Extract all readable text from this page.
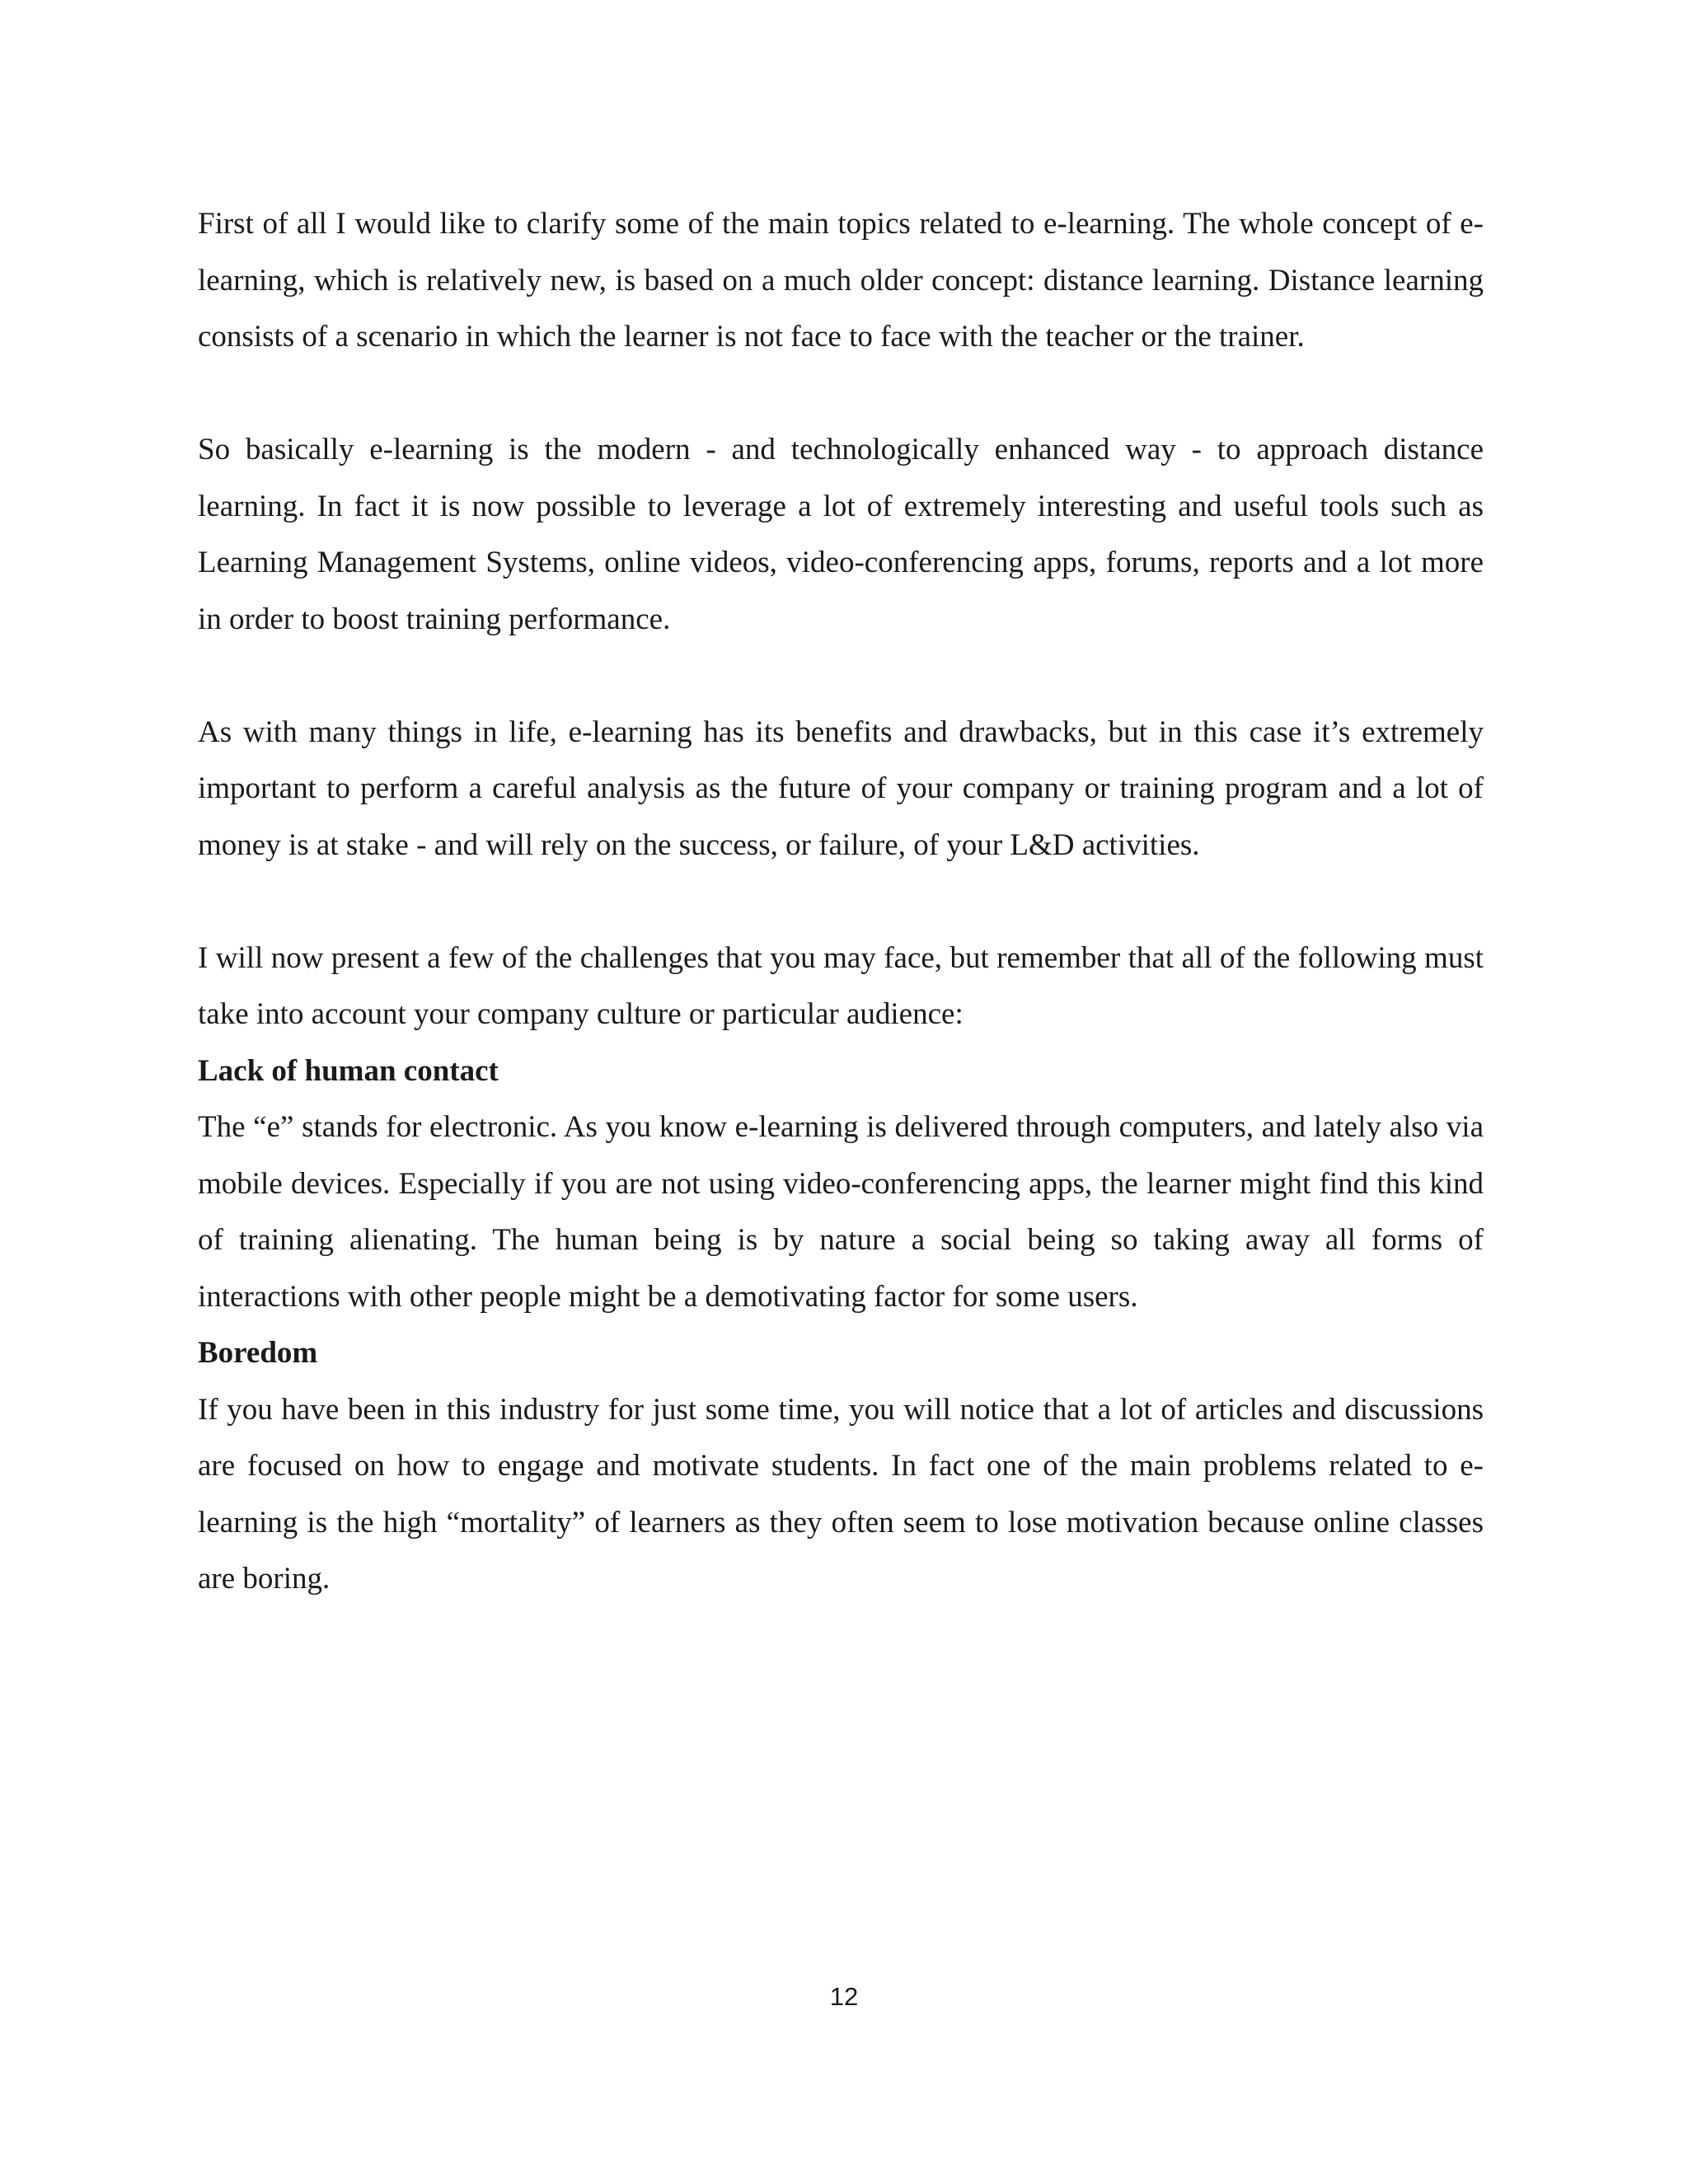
First of all I would like to clarify some of the main topics related to e-learning. The whole concept of e-learning, which is relatively new, is based on a much older concept: distance learning. Distance learning consists of a scenario in which the learner is not face to face with the teacher or the trainer.

So basically e-learning is the modern - and technologically enhanced way - to approach distance learning. In fact it is now possible to leverage a lot of extremely interesting and useful tools such as Learning Management Systems, online videos, video-conferencing apps, forums, reports and a lot more in order to boost training performance.

As with many things in life, e-learning has its benefits and drawbacks, but in this case it’s extremely important to perform a careful analysis as the future of your company or training program and a lot of money is at stake - and will rely on the success, or failure, of your L&D activities.

I will now present a few of the challenges that you may face, but remember that all of the following must take into account your company culture or particular audience:

Lack of human contact

The “e” stands for electronic. As you know e-learning is delivered through computers, and lately also via mobile devices. Especially if you are not using video-conferencing apps, the learner might find this kind of training alienating. The human being is by nature a social being so taking away all forms of interactions with other people might be a demotivating factor for some users.

Boredom

If you have been in this industry for just some time, you will notice that a lot of articles and discussions are focused on how to engage and motivate students. In fact one of the main problems related to e-learning is the high “mortality” of learners as they often seem to lose motivation because online classes are boring.

12
